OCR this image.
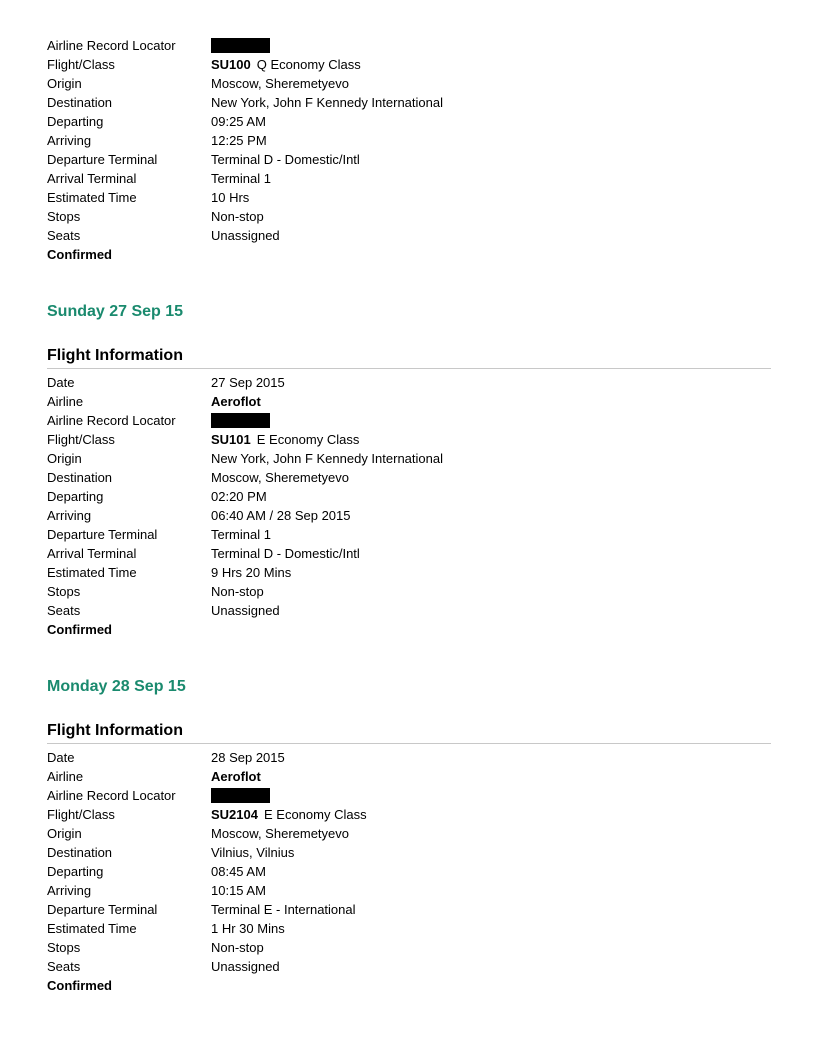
Airline Record Locator
Flight/Class	SU100 Q Economy Class
Origin	Moscow, Sheremetyevo
Destination	New York, John F Kennedy International
Departing	09:25 AM
Arriving	12:25 PM
Departure Terminal	Terminal D - Domestic/Intl
Arrival Terminal	Terminal 1
Estimated Time	10 Hrs
Stops	Non-stop
Seats	Unassigned
Confirmed
Sunday 27 Sep 15
Flight Information
Date	27 Sep 2015
Airline	Aeroflot
Airline Record Locator
Flight/Class	SU101 E Economy Class
Origin	New York, John F Kennedy International
Destination	Moscow, Sheremetyevo
Departing	02:20 PM
Arriving	06:40 AM / 28 Sep 2015
Departure Terminal	Terminal 1
Arrival Terminal	Terminal D - Domestic/Intl
Estimated Time	9 Hrs 20 Mins
Stops	Non-stop
Seats	Unassigned
Confirmed
Monday 28 Sep 15
Flight Information
Date	28 Sep 2015
Airline	Aeroflot
Airline Record Locator
Flight/Class	SU2104 E Economy Class
Origin	Moscow, Sheremetyevo
Destination	Vilnius, Vilnius
Departing	08:45 AM
Arriving	10:15 AM
Departure Terminal	Terminal E - International
Estimated Time	1 Hr 30 Mins
Stops	Non-stop
Seats	Unassigned
Confirmed
